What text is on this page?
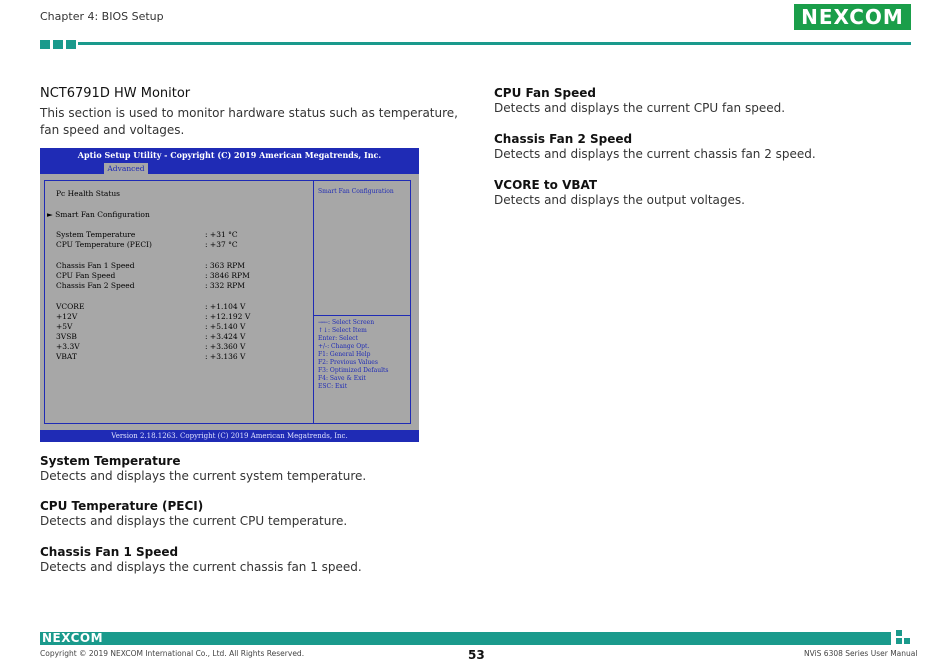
Chapter 4: BIOS Setup	NEXCOM
NCT6791D HW Monitor
This section is used to monitor hardware status such as temperature, fan speed and voltages.
Aptio Setup Utility - Copyright (C) 2019 American Megatrends, Inc.
Advanced
Pc Health Status
► Smart Fan Configuration
System Temperature	: +31 °C
CPU Temperature (PECI)	: +37 °C
Chassis Fan 1 Speed	: 363 RPM
CPU Fan Speed	: 3846 RPM
Chassis Fan 2 Speed	: 332 RPM
VCORE	: +1.104 V
+12V	: +12.192 V
+5V	: +5.140 V
3VSB	: +3.424 V
+3.3V	: +3.360 V
VBAT	: +3.136 V
Smart Fan Configuration
→←: Select Screen
↑↓: Select Item
Enter: Select
+/-: Change Opt.
F1: General Help
F2: Previous Values
F3: Optimized Defaults
F4: Save & Exit
ESC: Exit
Version 2.18.1263. Copyright (C) 2019 American Megatrends, Inc.
System Temperature
Detects and displays the current system temperature.
CPU Temperature (PECI)
Detects and displays the current CPU temperature.
Chassis Fan 1 Speed
Detects and displays the current chassis fan 1 speed.
CPU Fan Speed
Detects and displays the current CPU fan speed.
Chassis Fan 2 Speed
Detects and displays the current chassis fan 2 speed.
VCORE to VBAT
Detects and displays the output voltages.
NEXCOM
Copyright © 2019 NEXCOM International Co., Ltd. All Rights Reserved.	53	NViS 6308 Series User Manual
